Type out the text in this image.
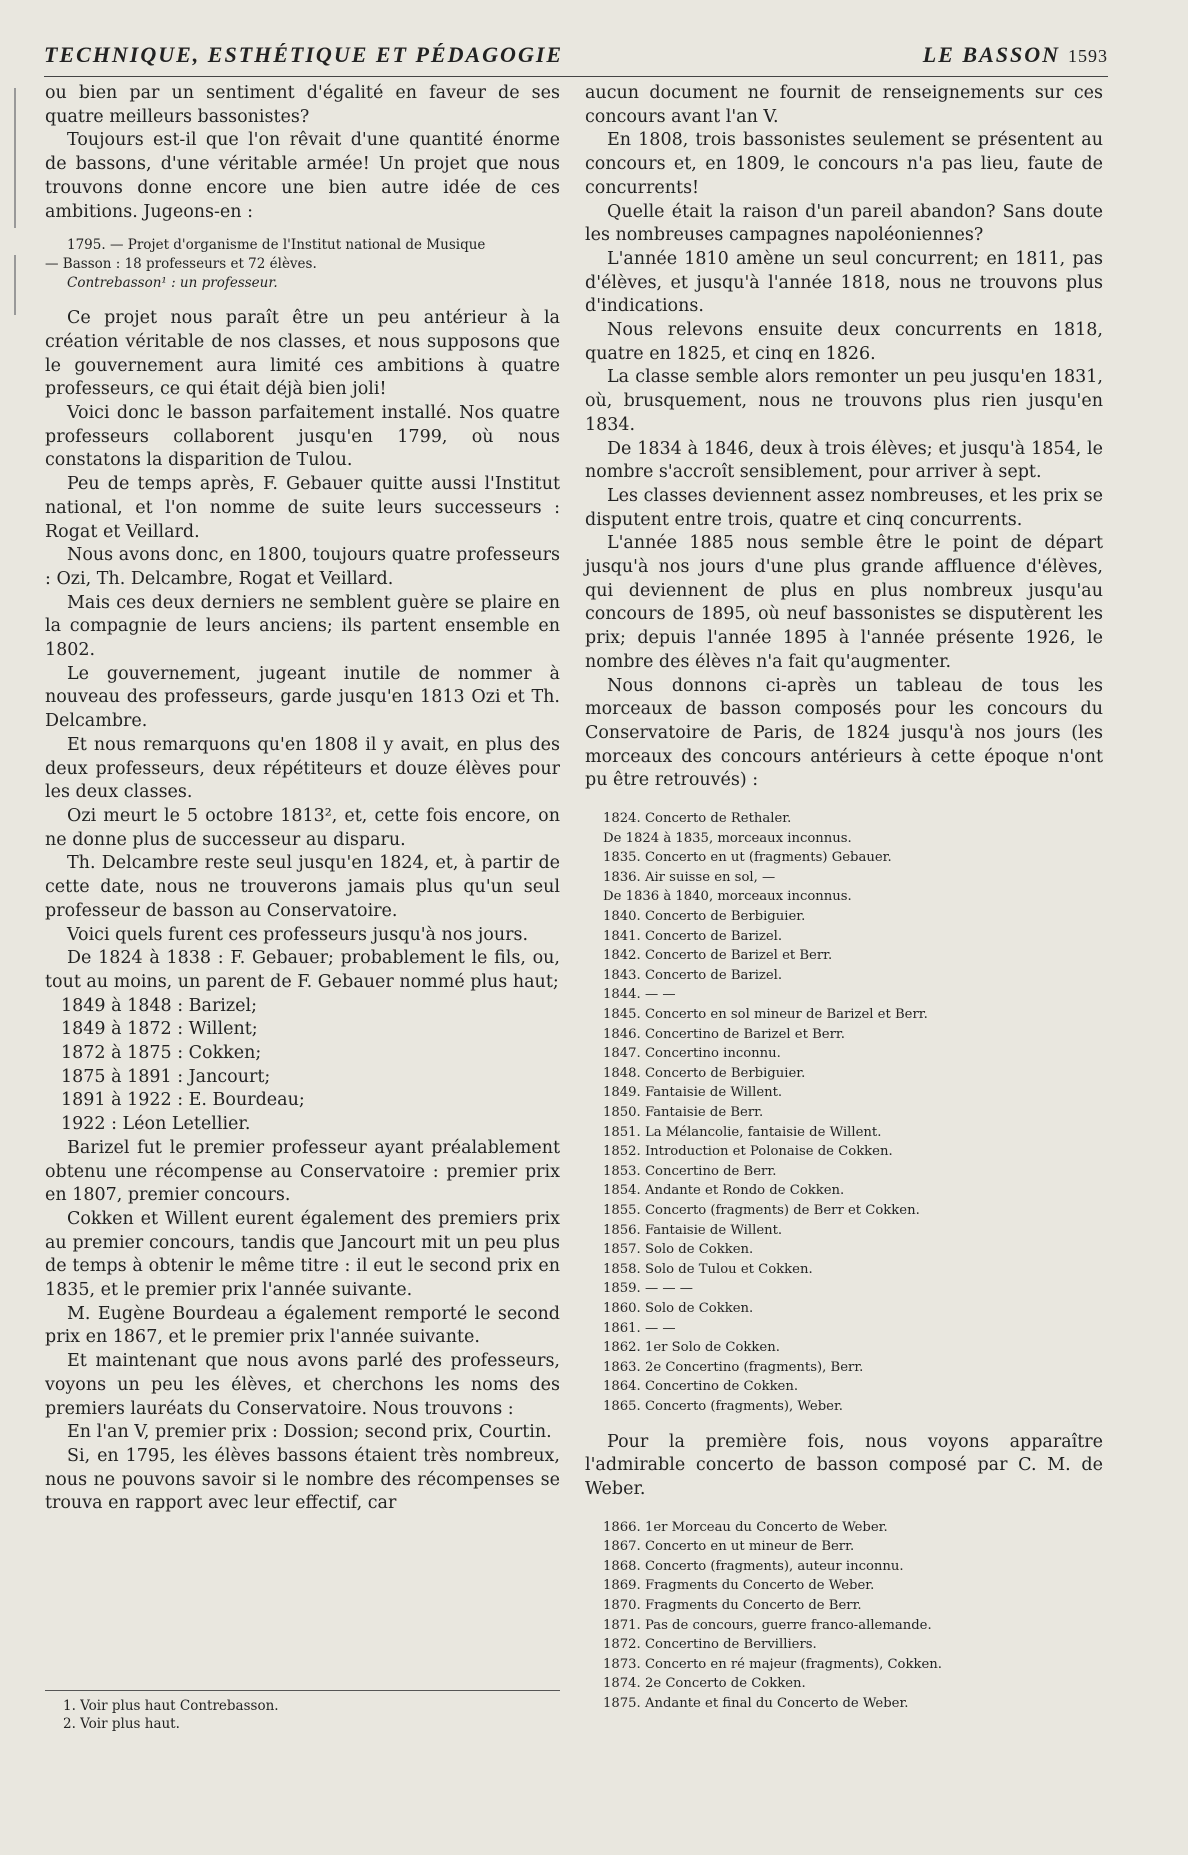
TECHNIQUE, ESTHÉTIQUE ET PÉDAGOGIE	LE BASSON 1593

ou bien par un sentiment d'égalité en faveur de ses quatre meilleurs bassonistes?

Toujours est-il que l'on rêvait d'une quantité énorme de bassons, d'une véritable armée! Un projet que nous trouvons donne encore une bien autre idée de ces ambitions. Jugeons-en :

1795. — Projet d'organisme de l'Institut national de Musique

— Basson : 18 professeurs et 72 élèves.

Contrebasson¹ : un professeur.

Ce projet nous paraît être un peu antérieur à la création véritable de nos classes, et nous supposons que le gouvernement aura limité ces ambitions à quatre professeurs, ce qui était déjà bien joli!

Voici donc le basson parfaitement installé. Nos quatre professeurs collaborent jusqu'en 1799, où nous constatons la disparition de Tulou.

Peu de temps après, F. Gebauer quitte aussi l'Institut national, et l'on nomme de suite leurs successeurs : Rogat et Veillard.

Nous avons donc, en 1800, toujours quatre professeurs : Ozi, Th. Delcambre, Rogat et Veillard.

Mais ces deux derniers ne semblent guère se plaire en la compagnie de leurs anciens; ils partent ensemble en 1802.

Le gouvernement, jugeant inutile de nommer à nouveau des professeurs, garde jusqu'en 1813 Ozi et Th. Delcambre.

Et nous remarquons qu'en 1808 il y avait, en plus des deux professeurs, deux répétiteurs et douze élèves pour les deux classes.

Ozi meurt le 5 octobre 1813², et, cette fois encore, on ne donne plus de successeur au disparu.

Th. Delcambre reste seul jusqu'en 1824, et, à partir de cette date, nous ne trouverons jamais plus qu'un seul professeur de basson au Conservatoire.

Voici quels furent ces professeurs jusqu'à nos jours.

De 1824 à 1838 : F. Gebauer; probablement le fils, ou, tout au moins, un parent de F. Gebauer nommé plus haut;

1849 à 1848 : Barizel;
1849 à 1872 : Willent;
1872 à 1875 : Cokken;
1875 à 1891 : Jancourt;
1891 à 1922 : E. Bourdeau;
1922 : Léon Letellier.

Barizel fut le premier professeur ayant préalablement obtenu une récompense au Conservatoire : premier prix en 1807, premier concours.

Cokken et Willent eurent également des premiers prix au premier concours, tandis que Jancourt mit un peu plus de temps à obtenir le même titre : il eut le second prix en 1835, et le premier prix l'année suivante.

M. Eugène Bourdeau a également remporté le second prix en 1867, et le premier prix l'année suivante.

Et maintenant que nous avons parlé des professeurs, voyons un peu les élèves, et cherchons les noms des premiers lauréats du Conservatoire. Nous trouvons :

En l'an V, premier prix : Dossion; second prix, Courtin.

Si, en 1795, les élèves bassons étaient très nombreux, nous ne pouvons savoir si le nombre des récompenses se trouva en rapport avec leur effectif, car

1. Voir plus haut Contrebasson.
2. Voir plus haut.

aucun document ne fournit de renseignements sur ces concours avant l'an V.

En 1808, trois bassonistes seulement se présentent au concours et, en 1809, le concours n'a pas lieu, faute de concurrents!

Quelle était la raison d'un pareil abandon? Sans doute les nombreuses campagnes napoléoniennes?

L'année 1810 amène un seul concurrent; en 1811, pas d'élèves, et jusqu'à l'année 1818, nous ne trouvons plus d'indications.

Nous relevons ensuite deux concurrents en 1818, quatre en 1825, et cinq en 1826.

La classe semble alors remonter un peu jusqu'en 1831, où, brusquement, nous ne trouvons plus rien jusqu'en 1834.

De 1834 à 1846, deux à trois élèves; et jusqu'à 1854, le nombre s'accroît sensiblement, pour arriver à sept.

Les classes deviennent assez nombreuses, et les prix se disputent entre trois, quatre et cinq concurrents.

L'année 1885 nous semble être le point de départ jusqu'à nos jours d'une plus grande affluence d'élèves, qui deviennent de plus en plus nombreux jusqu'au concours de 1895, où neuf bassonistes se disputèrent les prix; depuis l'année 1895 à l'année présente 1926, le nombre des élèves n'a fait qu'augmenter.

Nous donnons ci-après un tableau de tous les morceaux de basson composés pour les concours du Conservatoire de Paris, de 1824 jusqu'à nos jours (les morceaux des concours antérieurs à cette époque n'ont pu être retrouvés) :

1824. Concerto de Rethaler.
De 1824 à 1835, morceaux inconnus.
1835. Concerto en ut (fragments) Gebauer.
1836. Air suisse en sol, —
De 1836 à 1840, morceaux inconnus.
1840. Concerto de Berbiguier.
1841. Concerto de Barizel.
1842. Concerto de Barizel et Berr.
1843. Concerto de Barizel.
1844. — —
1845. Concerto en sol mineur de Barizel et Berr.
1846. Concertino de Barizel et Berr.
1847. Concertino inconnu.
1848. Concerto de Berbiguier.
1849. Fantaisie de Willent.
1850. Fantaisie de Berr.
1851. La Mélancolie, fantaisie de Willent.
1852. Introduction et Polonaise de Cokken.
1853. Concertino de Berr.
1854. Andante et Rondo de Cokken.
1855. Concerto (fragments) de Berr et Cokken.
1856. Fantaisie de Willent.
1857. Solo de Cokken.
1858. Solo de Tulou et Cokken.
1859. — — —
1860. Solo de Cokken.
1861. — —
1862. 1er Solo de Cokken.
1863. 2e Concertino (fragments), Berr.
1864. Concertino de Cokken.
1865. Concerto (fragments), Weber.

Pour la première fois, nous voyons apparaître l'admirable concerto de basson composé par C. M. de Weber.

1866. 1er Morceau du Concerto de Weber.
1867. Concerto en ut mineur de Berr.
1868. Concerto (fragments), auteur inconnu.
1869. Fragments du Concerto de Weber.
1870. Fragments du Concerto de Berr.
1871. Pas de concours, guerre franco-allemande.
1872. Concertino de Bervilliers.
1873. Concerto en ré majeur (fragments), Cokken.
1874. 2e Concerto de Cokken.
1875. Andante et final du Concerto de Weber.
